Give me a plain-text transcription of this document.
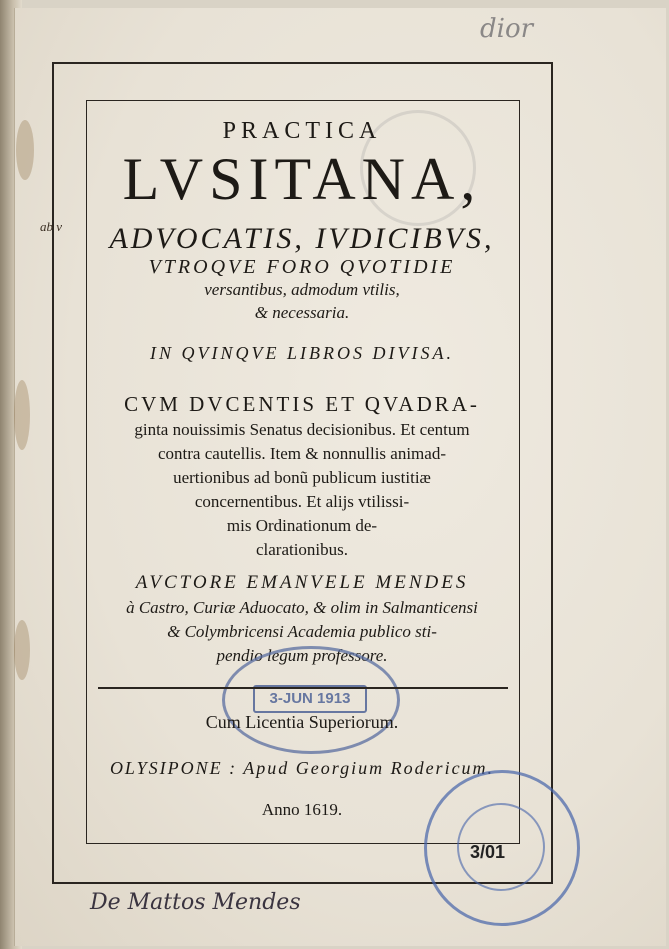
dior
ab v

PRACTICA

LVSITANA,

ADVOCATIS, IVDICIBVS,

VTROQVE FORO QVOTIDIE

versantibus, admodum vtilis,

& necessaria.

IN QVINQVE LIBROS DIVISA.

CVM DVCENTIS ET QVADRA-

ginta nouissimis Senatus decisionibus. Et centum

contra cautellis. Item & nonnullis animad-

uertionibus ad bonũ publicum iustitiæ

concernentibus. Et alijs vtilissi-

mis Ordinationum de-

clarationibus.

AVCTORE EMANVELE MENDES

à Castro, Curiæ Aduocato, & olim in Salmanticensi

& Colymbricensi Academia publico sti-

pendio legum professore.

3-JUN 1913

Cum Licentia Superiorum.

OLYSIPONE : Apud Georgium Rodericum.

Anno 1619.

3/01
De Mattos Mendes
